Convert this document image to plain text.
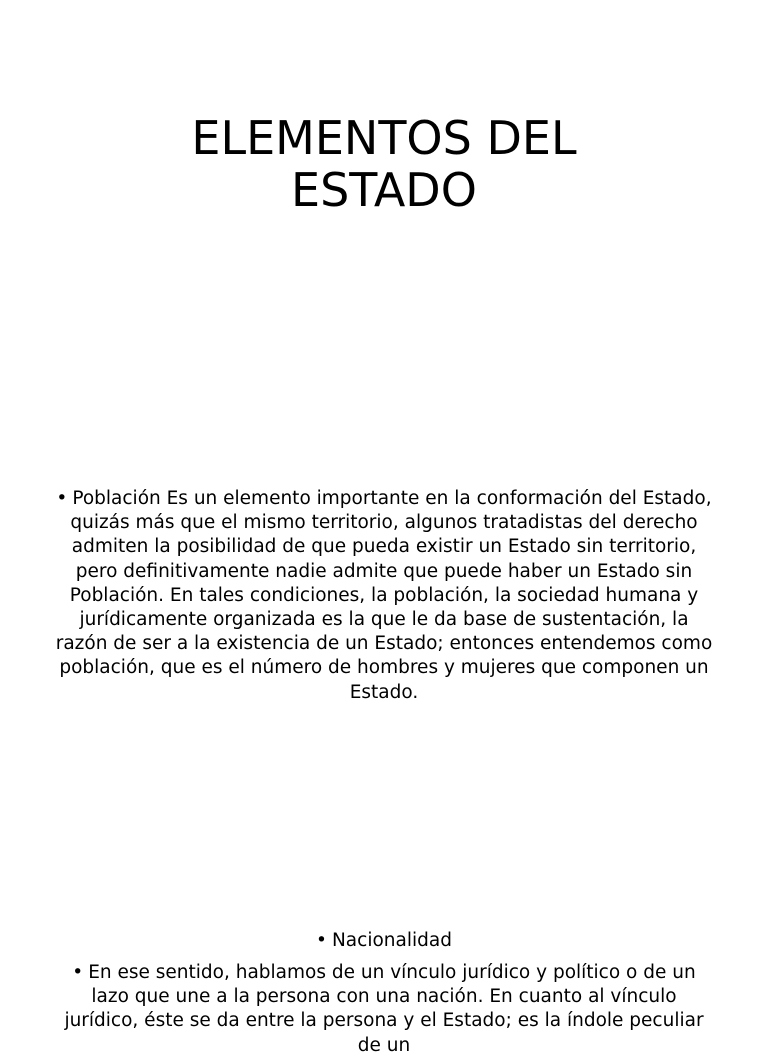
ELEMENTOS DEL
ESTADO

• Población Es un elemento importante en la conformación del Estado, quizás más que el mismo territorio, algunos tratadistas del derecho admiten la posibilidad de que pueda existir un Estado sin territorio, pero definitivamente nadie admite que puede haber un Estado sin Población. En tales condiciones, la población, la sociedad humana y jurídicamente organizada es la que le da base de sustentación, la razón de ser a la existencia de un Estado; entonces entendemos como población, que es el número de hombres y mujeres que componen un Estado.

• Nacionalidad

• En ese sentido, hablamos de un vínculo jurídico y político o de un lazo que une a la persona con una nación. En cuanto al vínculo jurídico, éste se da entre la persona y el Estado; es la índole peculiar de un
